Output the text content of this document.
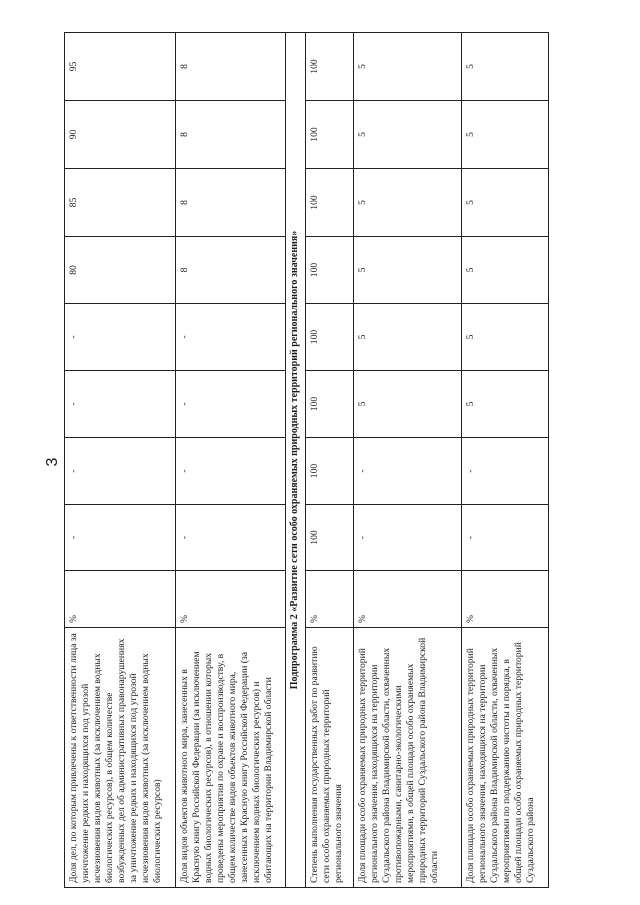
3
Доля дел, по которым привлечены к ответственности лица за уничтожение редких и находящихся под угрозой исчезновения видов животных (за исключением водных биологических ресурсов), в общем количестве возбужденных дел об административных правонарушениях за уничтожение редких и находящихся под угрозой исчезновения видов животных (за исключением водных биологических ресурсов)	%	-	-	-	-	80	85	90	95
Доля видов объектов животного мира, занесенных в Красную книгу Российской Федерации (за исключением водных биологических ресурсов), в отношении которых проведены мероприятия по охране и воспроизводству, в общем количестве видов объектов животного мира, занесенных в Красную книгу Российской Федерации (за исключением водных биологических ресурсов) и обитающих на территории Владимирской области	%	-	-	-	-	8	8	8	8
Подпрограмма 2 «Развитие сети особо охраняемых природных территорий регионального значения»									
Степень выполнения государственных работ по развитию сети особо охраняемых природных территорий регионального значения	%	100	100	100	100	100	100	100	100
Доля площади особо охраняемых природных территорий регионального значения, находящихся на территории Суздальского района Владимирской области, охваченных противопожарными, санитарно-экологическими мероприятиями, в общей площади особо охраняемых природных территорий Суздальского района Владимирской области	%	-	-	5	5	5	5	5	5
Доля площади особо охраняемых природных территорий регионального значения, находящихся на территории Суздальского района Владимирской области, охваченных мероприятиями по поддержанию чистоты и порядка, в общей площади особо охраняемых природных территорий Суздальского района	%	-	-	5	5	5	5	5	5
